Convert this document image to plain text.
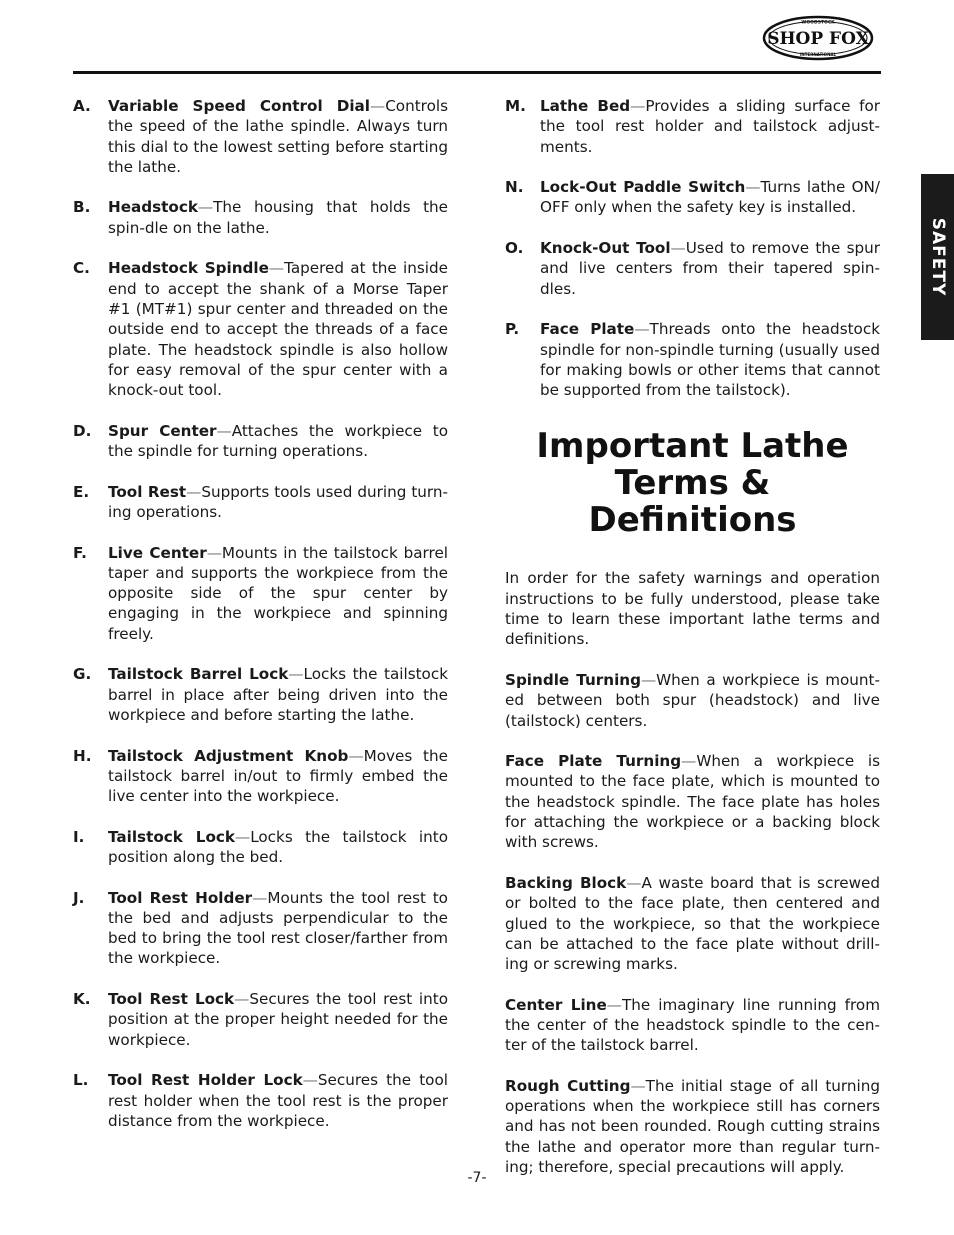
WOODSTOCK
SHOP FOX
INTERNATIONAL
SAFETY
A.	Variable Speed Control Dial—Controls the speed of the lathe spindle. Always turn this dial to the lowest setting before starting the lathe.
B.	Headstock—The housing that holds the spin-dle on the lathe.
C.	Headstock Spindle—Tapered at the inside end to accept the shank of a Morse Taper #1 (MT#1) spur center and threaded on the outside end to accept the threads of a face plate. The headstock spindle is also hollow for easy removal of the spur center with a knock-out tool.
D.	Spur Center—Attaches the workpiece to the spindle for turning operations.
E.	Tool Rest—Supports tools used during turn-ing operations.
F.	Live Center—Mounts in the tailstock barrel taper and supports the workpiece from the opposite side of the spur center by engaging in the workpiece and spinning freely.
G.	Tailstock Barrel Lock—Locks the tailstock barrel in place after being driven into the workpiece and before starting the lathe.
H.	Tailstock Adjustment Knob—Moves the tailstock barrel in/out to firmly embed the live center into the workpiece.
I.	Tailstock Lock—Locks the tailstock into position along the bed.
J.	Tool Rest Holder—Mounts the tool rest to the bed and adjusts perpendicular to the bed to bring the tool rest closer/farther from the workpiece.
K.	Tool Rest Lock—Secures the tool rest into position at the proper height needed for the workpiece.
L.	Tool Rest Holder Lock—Secures the tool rest holder when the tool rest is the proper distance from the workpiece.
M. Lathe Bed—Provides a sliding surface for the tool rest holder and tailstock adjust-ments.
N.	Lock-Out Paddle Switch—Turns lathe ON/ OFF only when the safety key is installed.
O.	Knock-Out Tool—Used to remove the spur and live centers from their tapered spin-dles.
P.	Face Plate—Threads onto the headstock spindle for non-spindle turning (usually used for making bowls or other items that cannot be supported from the tailstock).
Important Lathe
Terms & Definitions
In order for the safety warnings and operation instructions to be fully understood, please take time to learn these important lathe terms and definitions.
Spindle Turning—When a workpiece is mount-ed between both spur (headstock) and live (tailstock) centers.
Face Plate Turning—When a workpiece is mounted to the face plate, which is mounted to the headstock spindle. The face plate has holes for attaching the workpiece or a backing block with screws.
Backing Block—A waste board that is screwed or bolted to the face plate, then centered and glued to the workpiece, so that the workpiece can be attached to the face plate without drill-ing or screwing marks.
Center Line—The imaginary line running from the center of the headstock spindle to the cen-ter of the tailstock barrel.
Rough Cutting—The initial stage of all turning operations when the workpiece still has corners and has not been rounded. Rough cutting strains the lathe and operator more than regular turn-ing; therefore, special precautions will apply.
-7-
